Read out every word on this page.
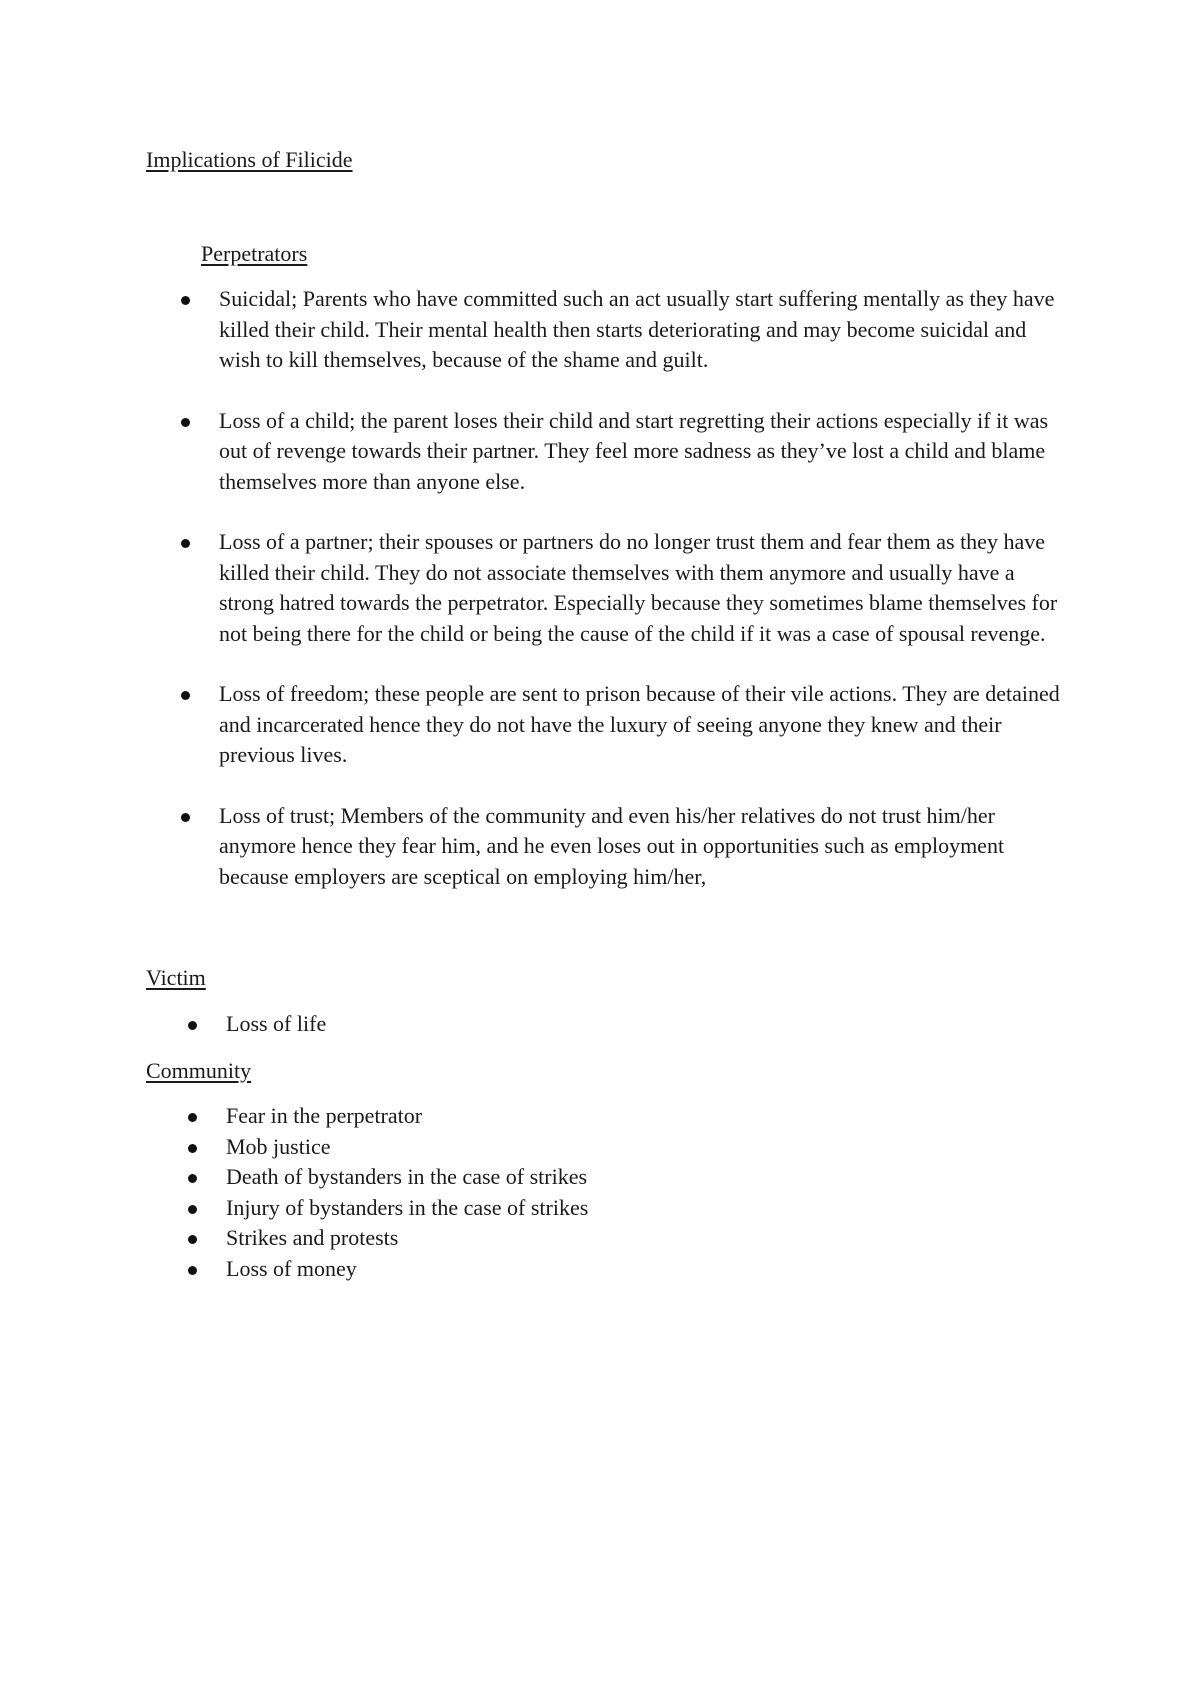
Implications of Filicide
Perpetrators
Suicidal; Parents who have committed such an act usually start suffering mentally as they have killed their child. Their mental health then starts deteriorating and may become suicidal and wish to kill themselves, because of the shame and guilt.
Loss of a child; the parent loses their child and start regretting their actions especially if it was out of revenge towards their partner. They feel more sadness as they’ve lost a child and blame themselves more than anyone else.
Loss of a partner; their spouses or partners do no longer trust them and fear them as they have killed their child. They do not associate themselves with them anymore and usually have a strong hatred towards the perpetrator. Especially because they sometimes blame themselves for not being there for the child or being the cause of the child if it was a case of spousal revenge.
Loss of freedom; these people are sent to prison because of their vile actions. They are detained and incarcerated hence they do not have the luxury of seeing anyone they knew and their previous lives.
Loss of trust; Members of the community and even his/her relatives do not trust him/her anymore hence they fear him, and he even loses out in opportunities such as employment because employers are sceptical on employing him/her,
Victim
Loss of life
Community
Fear in the perpetrator
Mob justice
Death of bystanders in the case of strikes
Injury of bystanders in the case of strikes
Strikes and protests
Loss of money
